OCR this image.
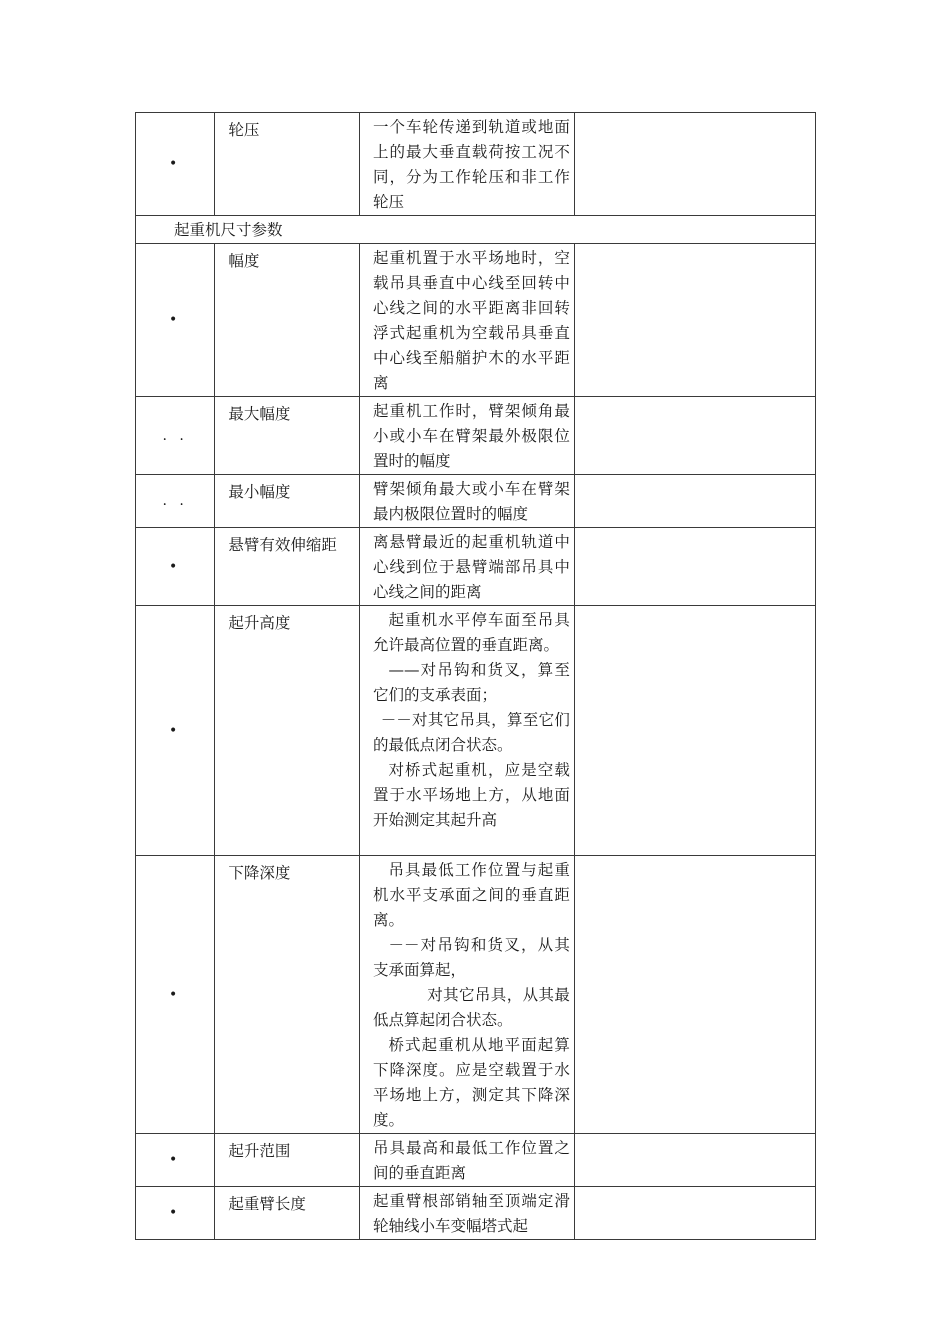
•	轮压	一个车轮传递到轨道或地面上的最大垂直载荷按工况不同，分为工作轮压和非工作轮压	

起重机尺寸参数			
•	幅度	起重机置于水平场地时，空载吊具垂直中心线至回转中心线之间的水平距离非回转浮式起重机为空载吊具垂直中心线至船艏护木的水平距离	

. .	最大幅度	起重机工作时，臂架倾角最小或小车在臂架最外极限位置时的幅度	

. .	最小幅度	臂架倾角最大或小车在臂架最内极限位置时的幅度	

•	悬臂有效伸缩距	离悬臂最近的起重机轨道中心线到位于悬臂端部吊具中心线之间的距离	

•	起升高度	起重机水平停车面至吊具允许最高位置的垂直距离。

——对吊钩和货叉，算至它们的支承表面；

－－对其它吊具，算至它们的最低点闭合状态。

对桥式起重机，应是空载置于水平场地上方，从地面开始测定其起升高	

•	下降深度	吊具最低工作位置与起重机水平支承面之间的垂直距离。

－－对吊钩和货叉，从其支承面算起，

对其它吊具，从其最低点算起闭合状态。

桥式起重机从地平面起算下降深度。应是空载置于水平场地上方，测定其下降深度。	

•	起升范围	吊具最高和最低工作位置之间的垂直距离	

•	起重臂长度	起重臂根部销轴至顶端定滑轮轴线小车变幅塔式起	
